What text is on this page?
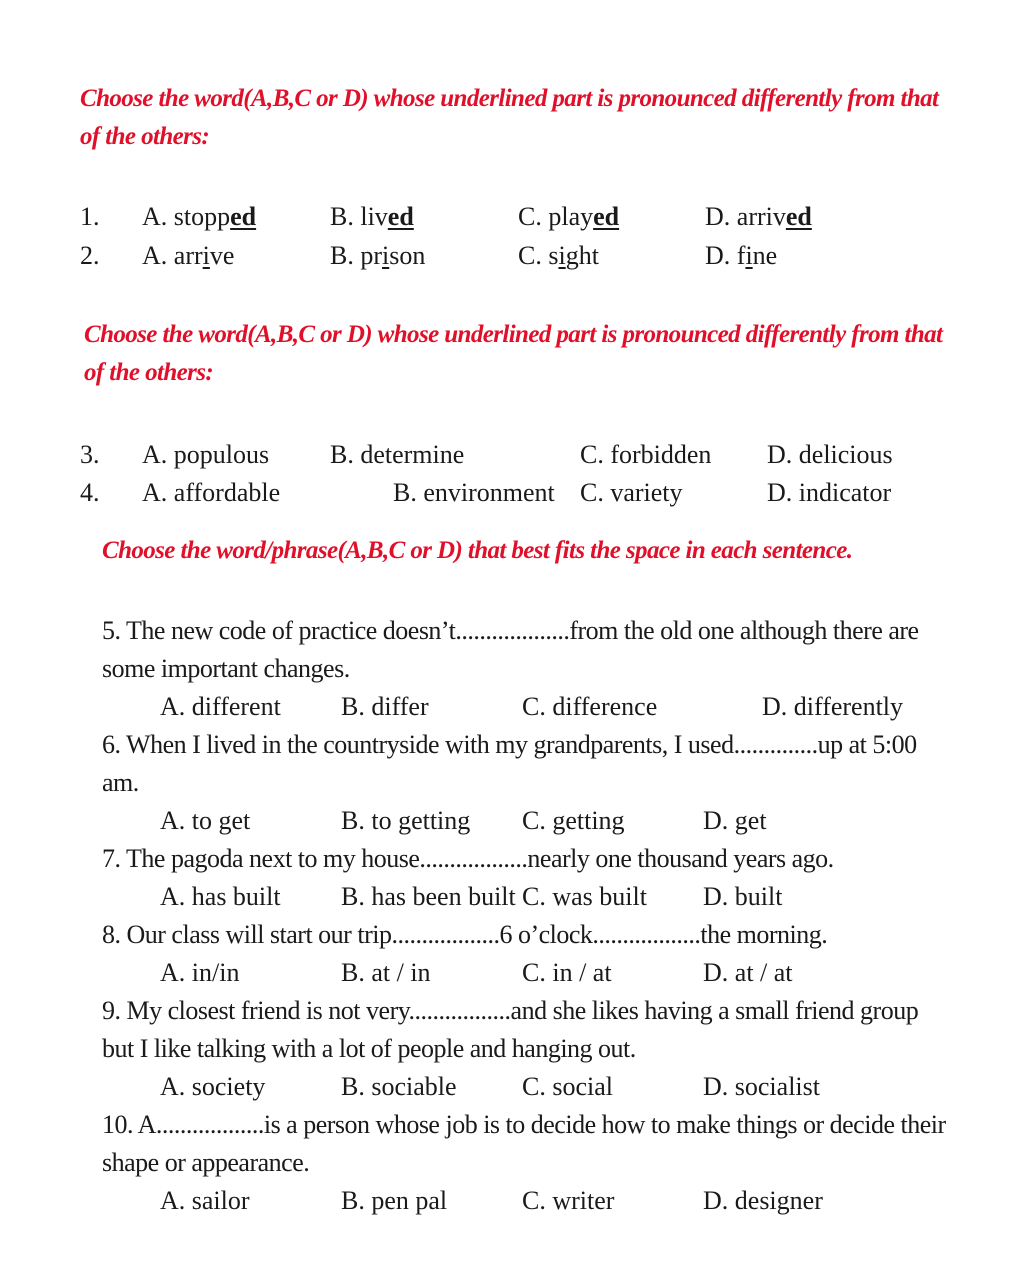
Choose the word(A,B,C or D) whose underlined part is pronounced differently from that of the others:
1. A. stopped	B. lived	C. played	D. arrived
2. A. arrive	B. prison	C. sight	D. fine
Choose the word(A,B,C or D) whose underlined part is pronounced differently from that of the others:
3. A. populous B. determine	C. forbidden D. delicious
4. A. affordable	B. environment C. variety	D. indicator
Choose the word/phrase(A,B,C or D) that best fits the space in each sentence.
5. The new code of practice doesn’t...................from the old one although there are some important changes.
A. different B. differ	C. difference	D. differently
6. When I lived in the countryside with my grandparents, I used..............up at 5:00 am.
A. to get	B. to getting C. getting	D. get
7. The pagoda next to my house..................nearly one thousand years ago.
A. has built B. has been built C. was built D. built
8. Our class will start our trip..................6 o’clock..................the morning.
A. in/in	B. at / in	C. in / at	D. at / at
9. My closest friend is not very.................and she likes having a small friend group but I like talking with a lot of people and hanging out.
A. society	B. sociable	C. social	D. socialist
10. A..................is a person whose job is to decide how to make things or decide their shape or appearance.
A. sailor	B. pen pal	C. writer	D. designer
